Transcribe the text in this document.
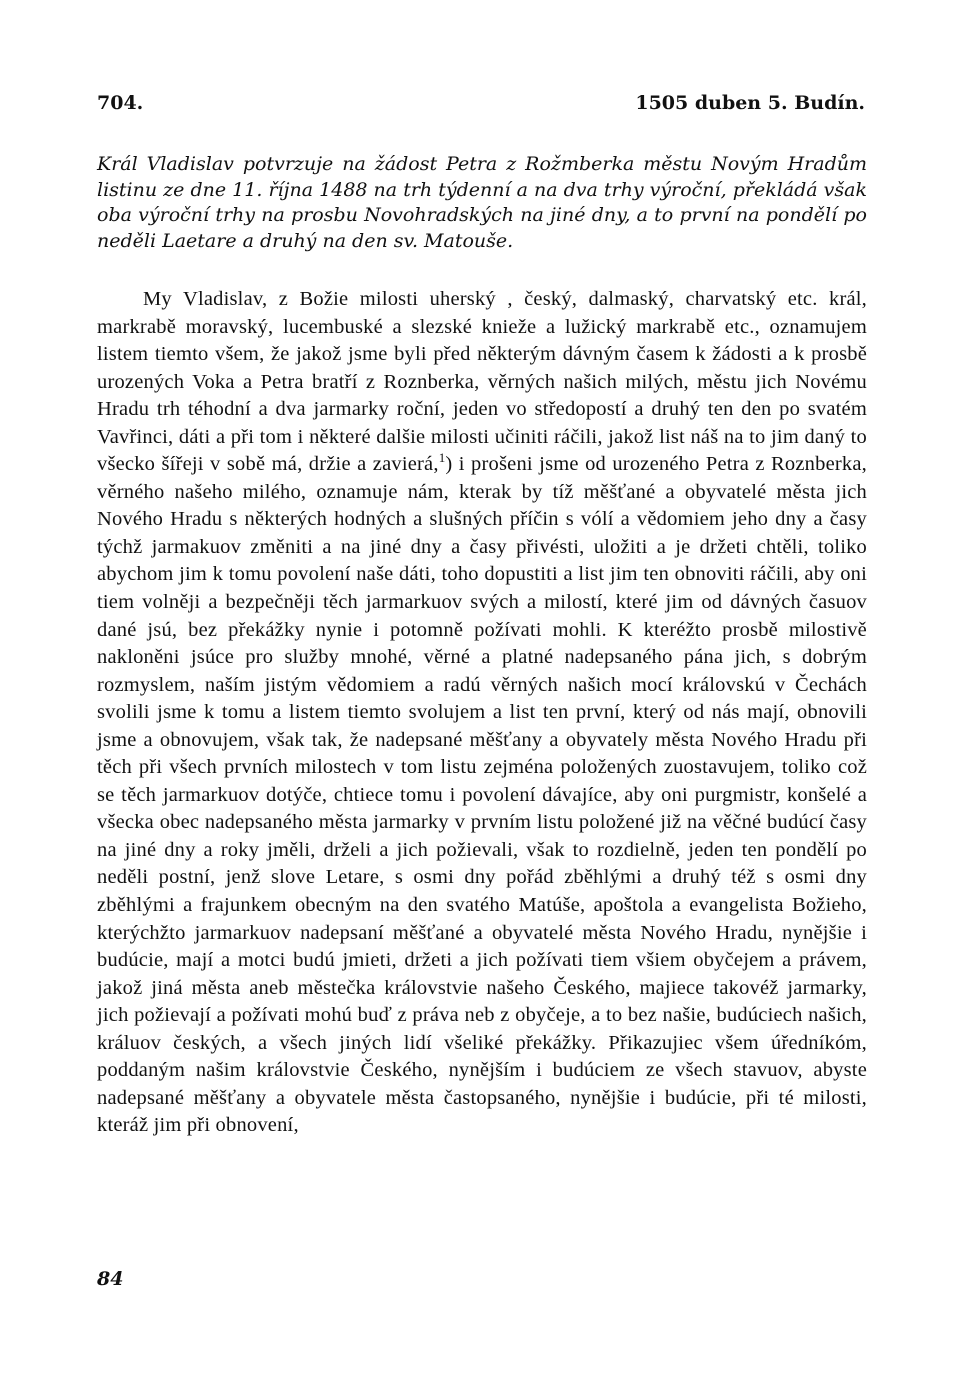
704.	1505 duben 5. Budín.

Král Vladislav potvrzuje na žádost Petra z Rožmberka městu Novým Hradům listinu ze dne 11. října 1488 na trh týdenní a na dva trhy výroční, překládá však oba výroční trhy na prosbu Novohradských na jiné dny, a to první na pondělí po neděli Laetare a druhý na den sv. Matouše.

My Vladislav, z Božie milosti uherský , český, dalmaský, charvatský etc. král, markrabě moravský, lucembuské a slezské knieže a lužický markrabě etc., oznamujem listem tiemto všem, že jakož jsme byli před některým dávným časem k žádosti a k prosbě urozených Voka a Petra bratří z Roznberka, věrných našich milých, městu jich Novému Hradu trh téhodní a dva jarmarky roční, jeden vo středopostí a druhý ten den po svatém Vavřinci, dáti a při tom i některé dalšie milosti učiniti ráčili, jakož list náš na to jim daný to všecko šířeji v sobě má, držie a zavierá,$^1$) i prošeni jsme od urozeného Petra z Roznberka, věrného našeho milého, oznamuje nám, kterak by tíž měšťané a obyvatelé města jich Nového Hradu s některých hodných a slušných příčin s vólí a vědomiem jeho dny a časy týchž jarmakuov změniti a na jiné dny a časy přivésti, uložiti a je držeti chtěli, toliko abychom jim k tomu povolení naše dáti, toho dopustiti a list jim ten obnoviti ráčili, aby oni tiem volněji a bezpečněji těch jarmarkuov svých a milostí, které jim od dávných časuov dané jsú, bez překážky nynie i potomně požívati mohli. K kteréžto prosbě milostivě nakloněni jsúce pro služby mnohé, věrné a platné nadepsaného pána jich, s dobrým rozmyslem, naším jistým vědomiem a radú věrných našich mocí královskú v Čechách svolili jsme k tomu a listem tiemto svolujem a list ten první, který od nás mají, obnovili jsme a obnovujem, však tak, že nadepsané měšťany a obyvately města Nového Hradu při těch při všech prvních milostech v tom listu zejména položených zuostavujem, toliko což se těch jarmarkuov dotýče, chtiece tomu i povolení dávajíce, aby oni purgmistr, konšelé a všecka obec nadepsaného města jarmarky v prvním listu položené již na věčné budúcí časy na jiné dny a roky jměli, drželi a jich požievali, však to rozdielně, jeden ten pondělí po neděli postní, jenž slove Letare, s osmi dny pořád zběhlými a druhý též s osmi dny zběhlými a frajunkem obecným na den svatého Matúše, apoštola a evangelista Božieho, kterýchžto jarmarkuov nadepsaní měšťané a obyvatelé města Nového Hradu, nynějšie i budúcie, mají a motci budú jmieti, držeti a jich požívati tiem všiem obyčejem a právem, jakož jiná města aneb městečka královstvie našeho Českého, majiece takovéž jarmarky, jich požievají a požívati mohú buď z práva neb z obyčeje, a to bez našie, budúciech našich, králuov českých, a všech jiných lidí všeliké překážky. Přikazujiec všem úředníkóm, poddaným našim královstvie Českého, nynějším i budúciem ze všech stavuov, abyste nadepsané měšťany a obyvatele města častopsaného, nynějšie i budúcie, při té milosti, kteráž jim při obnovení,

84
